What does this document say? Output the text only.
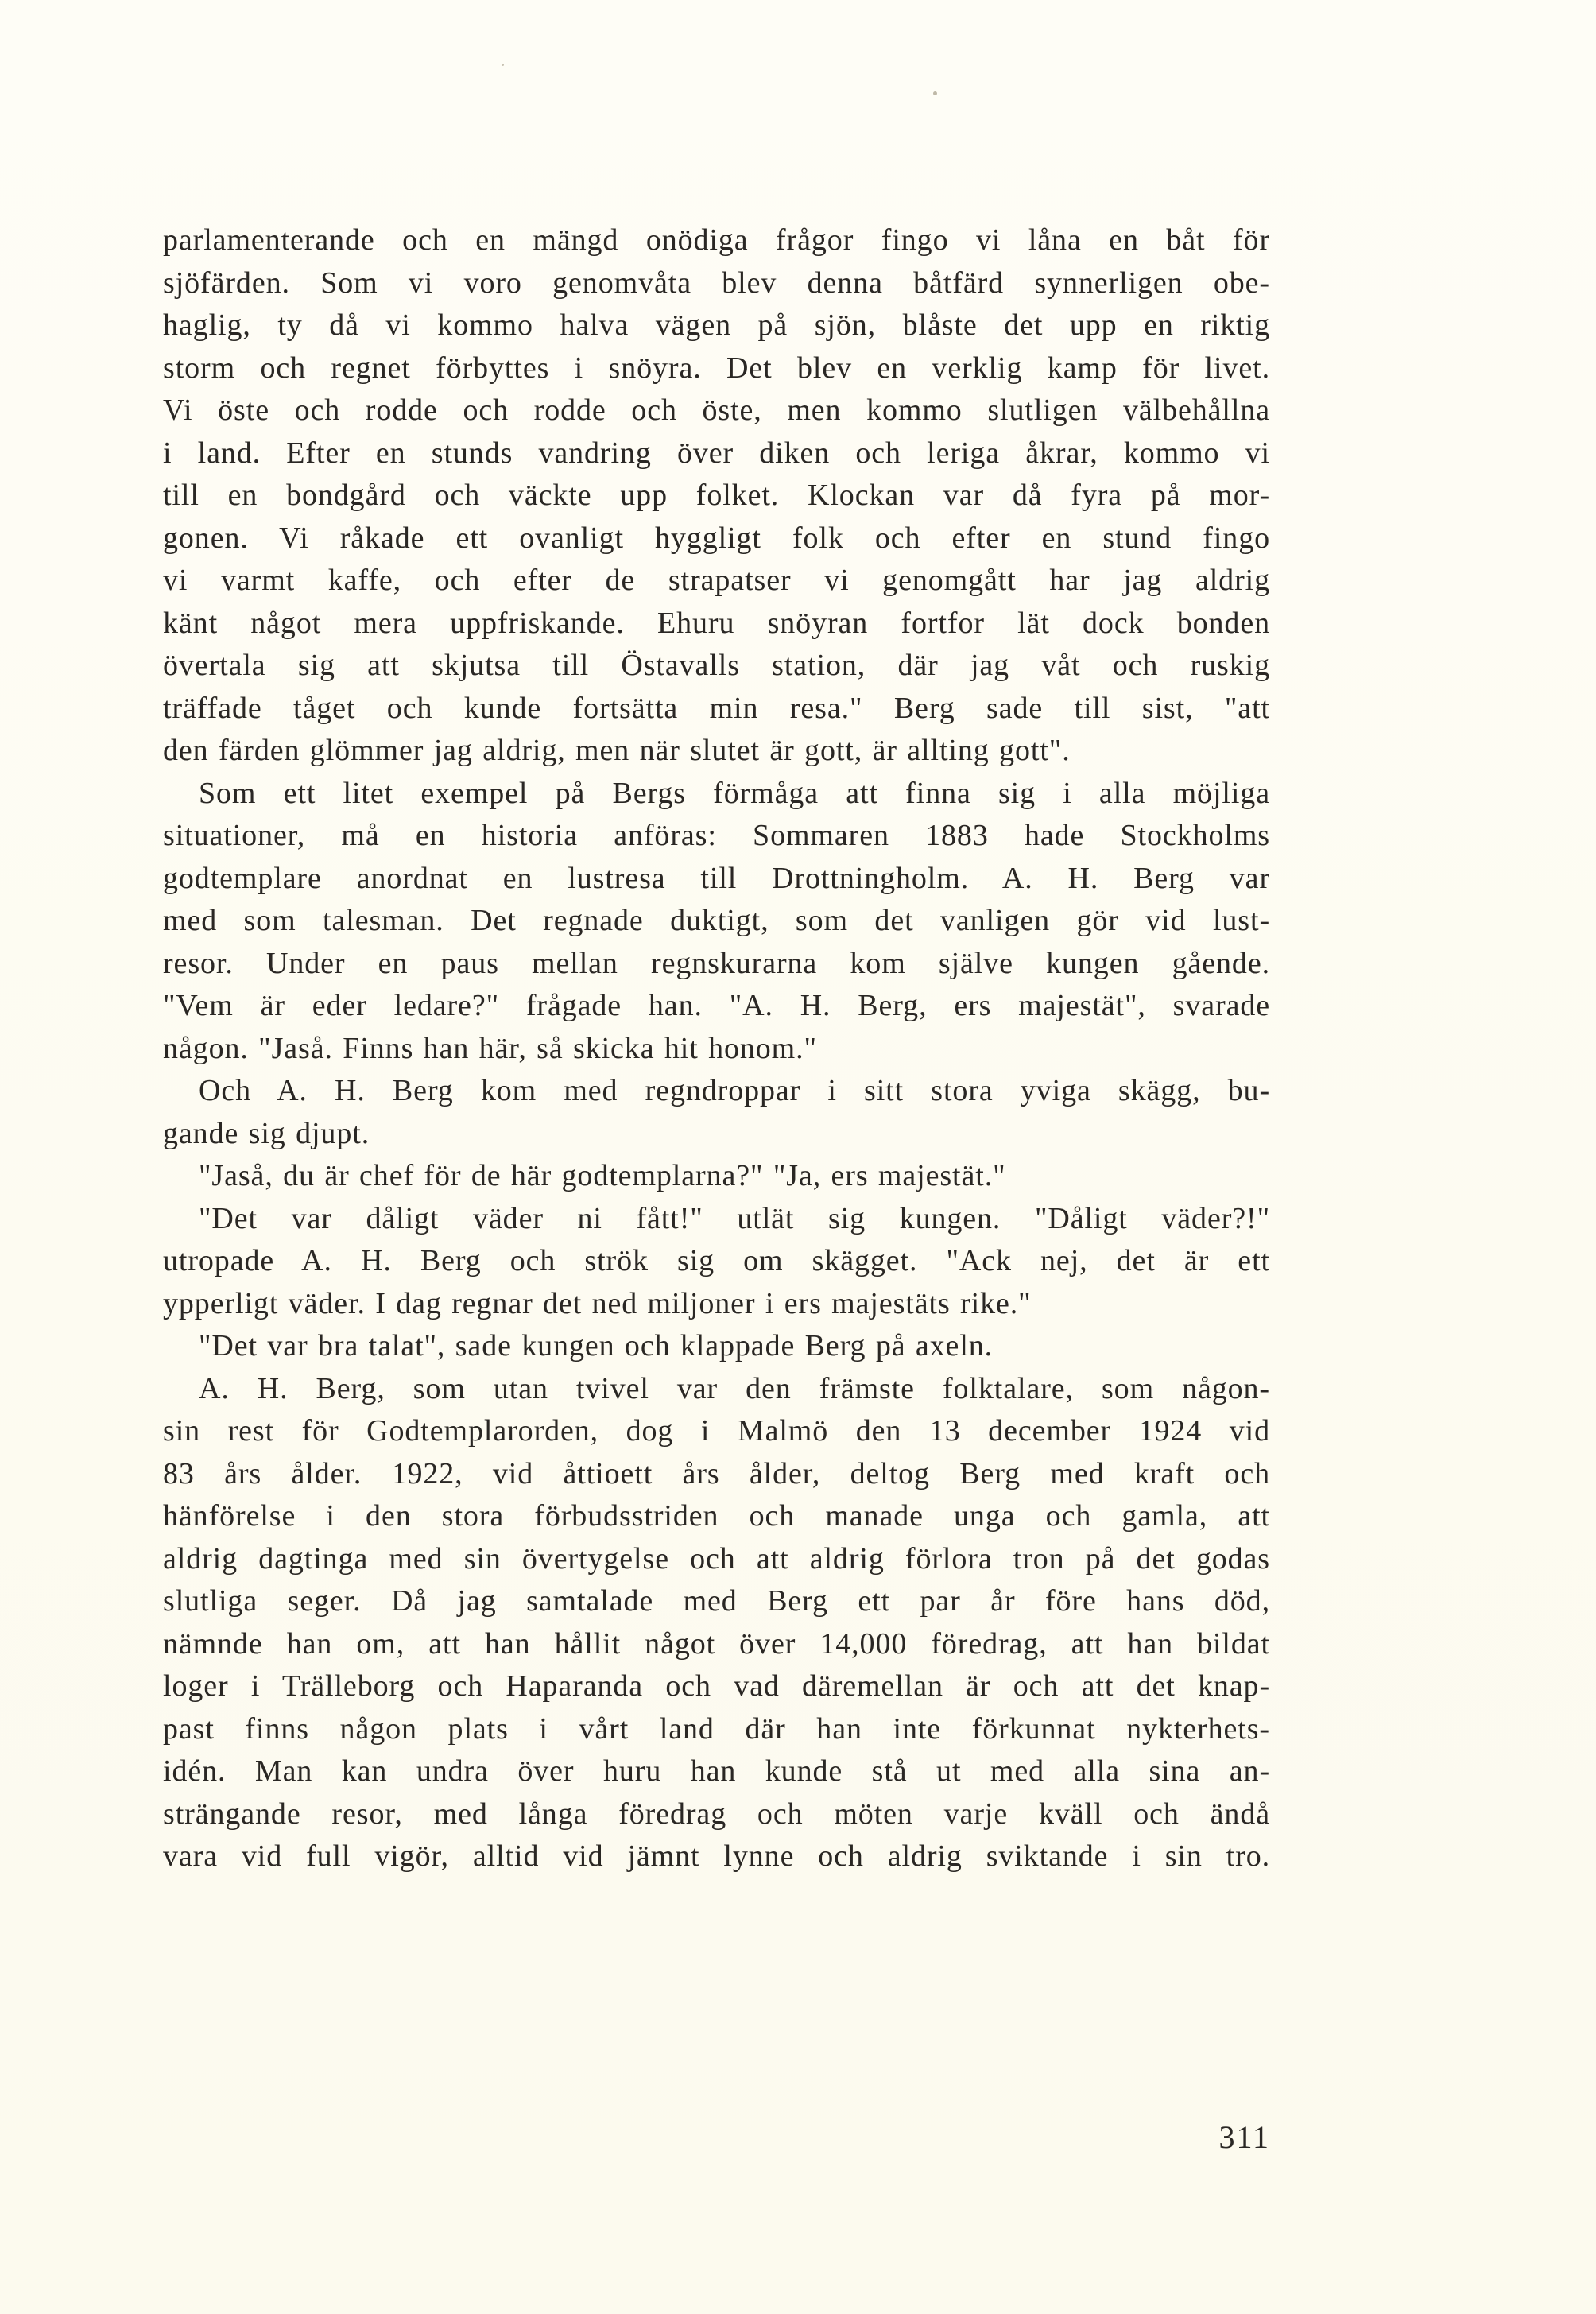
parlamenterande och en mängd onödiga frågor fingo vi låna en båt för
sjöfärden. Som vi voro genomvåta blev denna båtfärd synnerligen obe-
haglig, ty då vi kommo halva vägen på sjön, blåste det upp en riktig
storm och regnet förbyttes i snöyra. Det blev en verklig kamp för livet.
Vi öste och rodde och rodde och öste, men kommo slutligen välbehållna
i land. Efter en stunds vandring över diken och leriga åkrar, kommo vi
till en bondgård och väckte upp folket. Klockan var då fyra på mor-
gonen. Vi råkade ett ovanligt hyggligt folk och efter en stund fingo
vi varmt kaffe, och efter de strapatser vi genomgått har jag aldrig
känt något mera uppfriskande. Ehuru snöyran fortfor lät dock bonden
övertala sig att skjutsa till Östavalls station, där jag våt och ruskig
träffade tåget och kunde fortsätta min resa." Berg sade till sist, "att
den färden glömmer jag aldrig, men när slutet är gott, är allting gott".
Som ett litet exempel på Bergs förmåga att finna sig i alla möjliga
situationer, må en historia anföras: Sommaren 1883 hade Stockholms
godtemplare anordnat en lustresa till Drottningholm. A. H. Berg var
med som talesman. Det regnade duktigt, som det vanligen gör vid lust-
resor. Under en paus mellan regnskurarna kom själve kungen gående.
"Vem är eder ledare?" frågade han. "A. H. Berg, ers majestät", svarade
någon. "Jaså. Finns han här, så skicka hit honom."
Och A. H. Berg kom med regndroppar i sitt stora yviga skägg, bu-
gande sig djupt.
"Jaså, du är chef för de här godtemplarna?" "Ja, ers majestät."
"Det var dåligt väder ni fått!" utlät sig kungen. "Dåligt väder?!"
utropade A. H. Berg och strök sig om skägget. "Ack nej, det är ett
ypperligt väder. I dag regnar det ned miljoner i ers majestäts rike."
"Det var bra talat", sade kungen och klappade Berg på axeln.
A. H. Berg, som utan tvivel var den främste folktalare, som någon-
sin rest för Godtemplarorden, dog i Malmö den 13 december 1924 vid
83 års ålder. 1922, vid åttioett års ålder, deltog Berg med kraft och
hänförelse i den stora förbudsstriden och manade unga och gamla, att
aldrig dagtinga med sin övertygelse och att aldrig förlora tron på det godas
slutliga seger. Då jag samtalade med Berg ett par år före hans död,
nämnde han om, att han hållit något över 14,000 föredrag, att han bildat
loger i Trälleborg och Haparanda och vad däremellan är och att det knap-
past finns någon plats i vårt land där han inte förkunnat nykterhets-
idén. Man kan undra över huru han kunde stå ut med alla sina an-
strängande resor, med långa föredrag och möten varje kväll och ändå
vara vid full vigör, alltid vid jämnt lynne och aldrig sviktande i sin tro.
311
